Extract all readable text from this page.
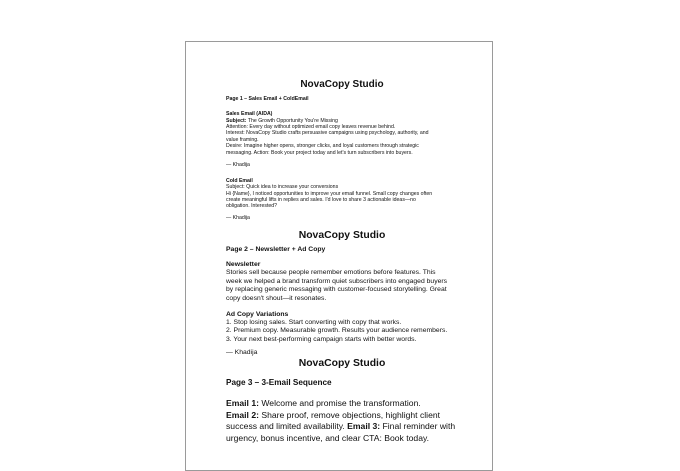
NovaCopy Studio

Page 1 – Sales Email + ColdEmail

Sales Email (AIDA)

Subject: The Growth Opportunity You're Missing

Attention: Every day without optimized email copy leaves revenue behind.

Interest: NovaCopy Studio crafts persuasive campaigns using psychology, authority, and

value framing.

Desire: Imagine higher opens, stronger clicks, and loyal customers through strategic

messaging. Action: Book your project today and let's turn subscribers into buyers.

— Khadija

Cold Email

Subject: Quick idea to increase your conversions

Hi {Name}, I noticed opportunities to improve your email funnel. Small copy changes often

create meaningful lifts in replies and sales. I'd love to share 3 actionable ideas—no

obligation. Interested?

— Khadija

NovaCopy Studio

Page 2 – Newsletter + Ad Copy

Newsletter

Stories sell because people remember emotions before features. This

week we helped a brand transform quiet subscribers into engaged buyers

by replacing generic messaging with customer-focused storytelling. Great

copy doesn't shout—it resonates.

Ad Copy Variations

1. Stop losing sales. Start converting with copy that works.

2. Premium copy. Measurable growth. Results your audience remembers.

3. Your next best-performing campaign starts with better words.

— Khadija

NovaCopy Studio

Page 3 – 3-Email Sequence

Email 1: Welcome and promise the transformation.
Email 2: Share proof, remove objections, highlight client success and limited availability. Email 3: Final reminder with urgency, bonus incentive, and clear CTA: Book today.
